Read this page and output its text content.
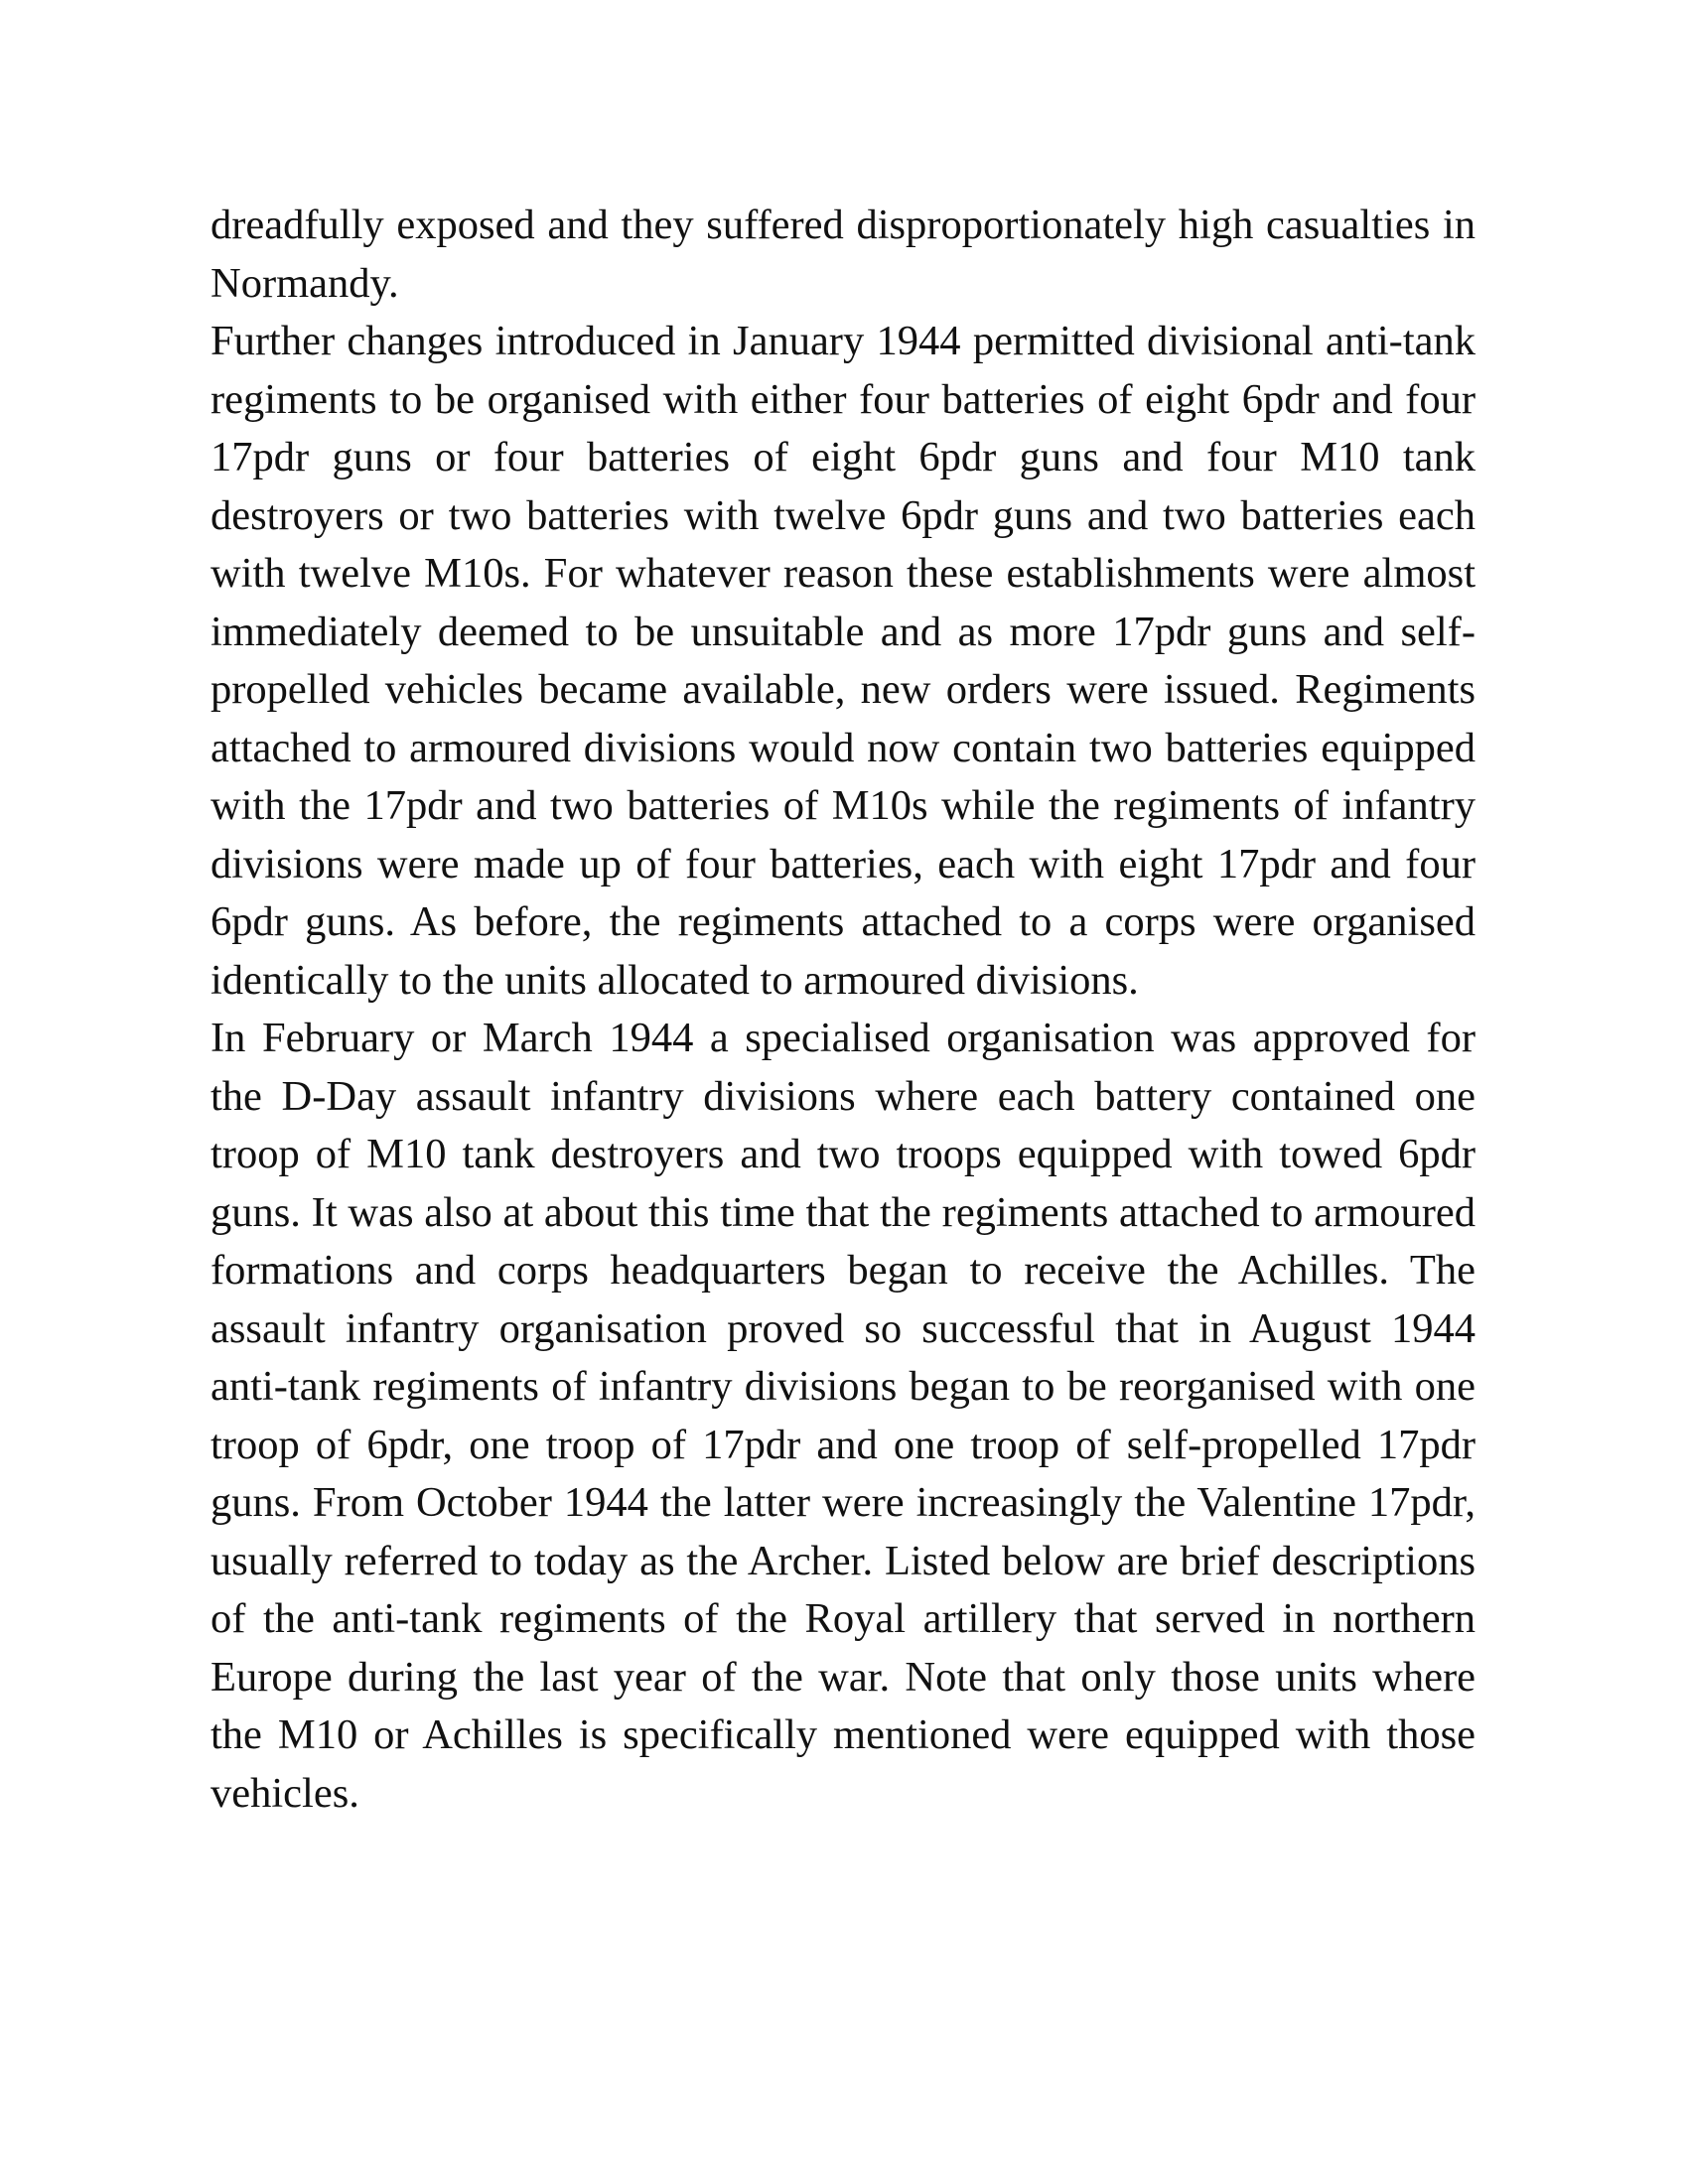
dreadfully exposed and they suffered disproportionately high casualties in Normandy.

Further changes introduced in January 1944 permitted divisional anti-tank regiments to be organised with either four batteries of eight 6pdr and four 17pdr guns or four batteries of eight 6pdr guns and four M10 tank destroyers or two batteries with twelve 6pdr guns and two batteries each with twelve M10s. For whatever reason these establishments were almost immediately deemed to be unsuitable and as more 17pdr guns and self-propelled vehicles became available, new orders were issued. Regiments attached to armoured divisions would now contain two batteries equipped with the 17pdr and two batteries of M10s while the regiments of infantry divisions were made up of four batteries, each with eight 17pdr and four 6pdr guns. As before, the regiments attached to a corps were organised identically to the units allocated to armoured divisions.

In February or March 1944 a specialised organisation was approved for the D-Day assault infantry divisions where each battery contained one troop of M10 tank destroyers and two troops equipped with towed 6pdr guns. It was also at about this time that the regiments attached to armoured formations and corps headquarters began to receive the Achilles. The assault infantry organisation proved so successful that in August 1944 anti-tank regiments of infantry divisions began to be reorganised with one troop of 6pdr, one troop of 17pdr and one troop of self-propelled 17pdr guns. From October 1944 the latter were increasingly the Valentine 17pdr, usually referred to today as the Archer. Listed below are brief descriptions of the anti-tank regiments of the Royal artillery that served in northern Europe during the last year of the war. Note that only those units where the M10 or Achilles is specifically mentioned were equipped with those vehicles.
